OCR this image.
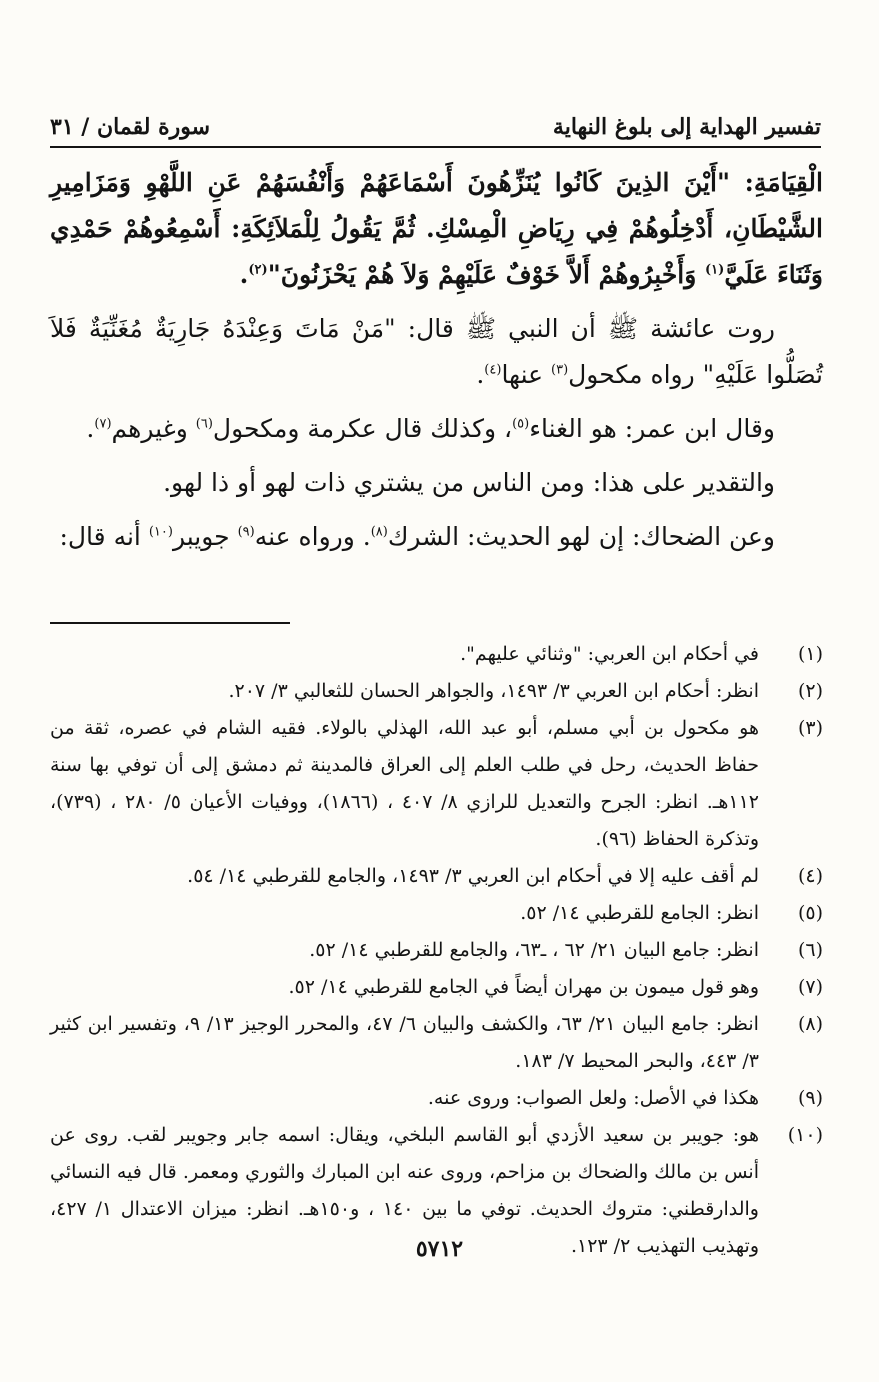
تفسير الهداية إلى بلوغ النهاية
سورة لقمان / ٣١

الْقِيَامَةِ: "أَيْنَ الذِينَ كَانُوا يُنَزِّهُونَ أَسْمَاعَهُمْ وَأَنْفُسَهُمْ عَنِ اللَّهْوِ وَمَزَامِيرِ الشَّيْطَانِ، أَدْخِلُوهُمْ فِي رِيَاضِ الْمِسْكِ. ثُمَّ يَقُولُ لِلْمَلاَئِكَةِ: أَسْمِعُوهُمْ حَمْدِي وَثَنَاءَ عَلَيَّ$^{(١)}$ وَأَخْبِرُوهُمْ أَلاَّ خَوْفٌ عَلَيْهِمْ وَلاَ هُمْ يَحْزَنُونَ"$^{(٢)}$.

روت عائشة ﷺ أن النبي ﷺ قال: "مَنْ مَاتَ وَعِنْدَهُ جَارِيَةٌ مُغَنِّيَةٌ فَلاَ تُصَلُّوا عَلَيْهِ" رواه مكحول$^{(٣)}$ عنها$^{(٤)}$.

وقال ابن عمر: هو الغناء$^{(٥)}$، وكذلك قال عكرمة ومكحول$^{(٦)}$ وغيرهم$^{(٧)}$.

والتقدير على هذا: ومن الناس من يشتري ذات لهو أو ذا لهو.

وعن الضحاك: إن لهو الحديث: الشرك$^{(٨)}$. ورواه عنه$^{(٩)}$ جويبر$^{(١٠)}$ أنه قال:

(١)
في أحكام ابن العربي: "وثنائي عليهم".
(٢)
انظر: أحكام ابن العربي ٣/ ١٤٩٣، والجواهر الحسان للثعالبي ٣/ ٢٠٧.
(٣)
هو مكحول بن أبي مسلم، أبو عبد الله، الهذلي بالولاء. فقيه الشام في عصره، ثقة من حفاظ الحديث، رحل في طلب العلم إلى العراق فالمدينة ثم دمشق إلى أن توفي بها سنة ١١٢هـ. انظر: الجرح والتعديل للرازي ٨/ ٤٠٧ ، (١٨٦٦)، ووفيات الأعيان ٥/ ٢٨٠ ، (٧٣٩)، وتذكرة الحفاظ (٩٦).
(٤)
لم أقف عليه إلا في أحكام ابن العربي ٣/ ١٤٩٣، والجامع للقرطبي ١٤/ ٥٤.
(٥)
انظر: الجامع للقرطبي ١٤/ ٥٢.
(٦)
انظر: جامع البيان ٢١/ ٦٢ ، ـ٦٣، والجامع للقرطبي ١٤/ ٥٢.
(٧)
وهو قول ميمون بن مهران أيضاً في الجامع للقرطبي ١٤/ ٥٢.
(٨)
انظر: جامع البيان ٢١/ ٦٣، والكشف والبيان ٦/ ٤٧، والمحرر الوجيز ١٣/ ٩، وتفسير ابن كثير ٣/ ٤٤٣، والبحر المحيط ٧/ ١٨٣.
(٩)
هكذا في الأصل: ولعل الصواب: وروى عنه.
(١٠)
هو: جويبر بن سعيد الأزدي أبو القاسم البلخي، ويقال: اسمه جابر وجويبر لقب. روى عن أنس بن مالك والضحاك بن مزاحم، وروى عنه ابن المبارك والثوري ومعمر. قال فيه النسائي والدارقطني: متروك الحديث. توفي ما بين ١٤٠ ، و١٥٠هـ. انظر: ميزان الاعتدال ١/ ٤٢٧، وتهذيب التهذيب ٢/ ١٢٣.
٥٧١٢
